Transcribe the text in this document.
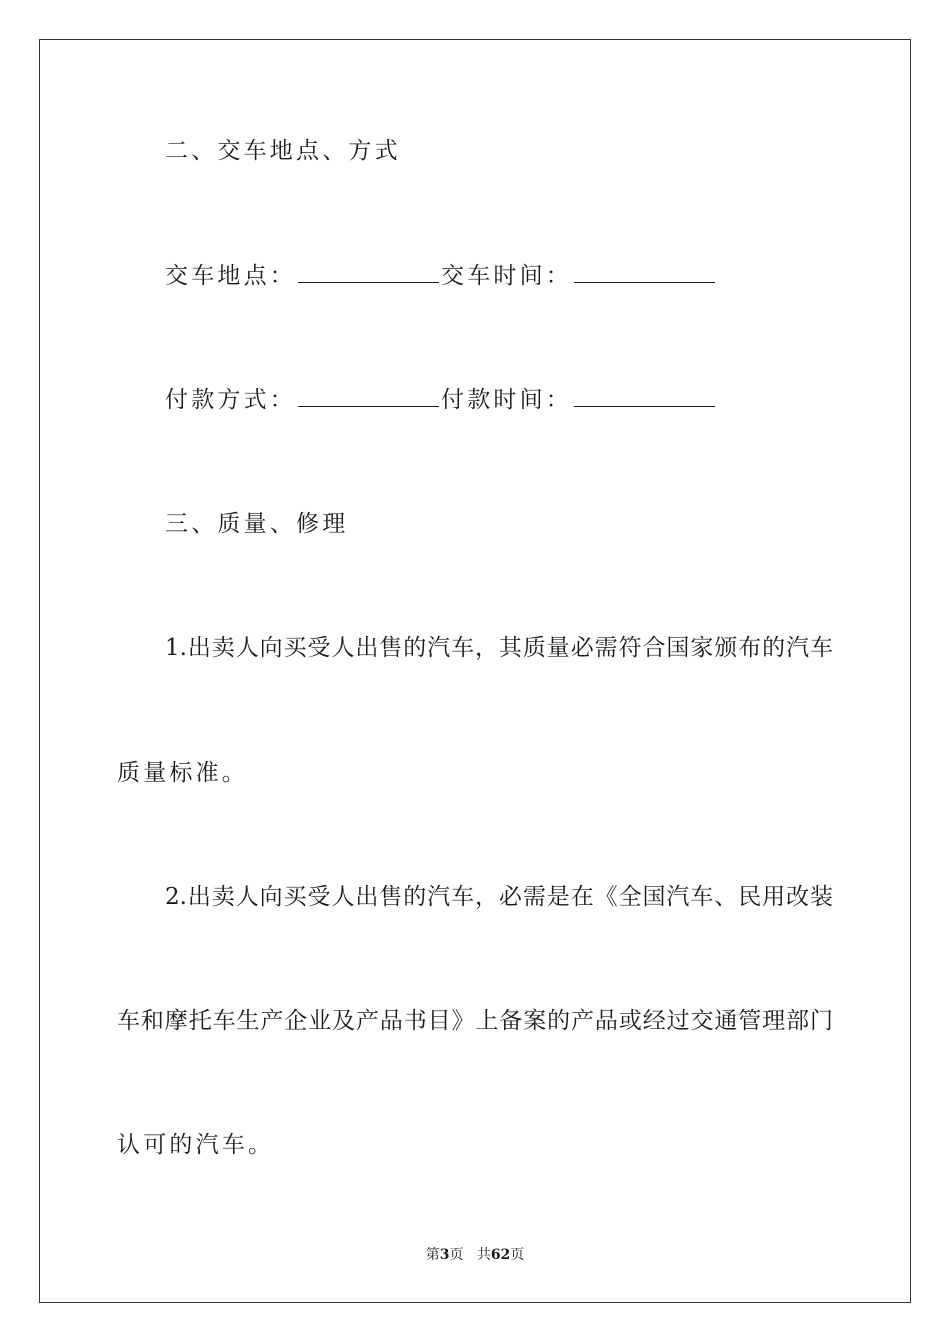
二、交车地点、方式
交车地点：	交车时间：
付款方式：	付款时间：
三、质量、修理
1.出卖人向买受人出售的汽车，其质量必需符合国家颁布的汽车
质量标准。
2.出卖人向买受人出售的汽车，必需是在《全国汽车、民用改装
车和摩托车生产企业及产品书目》上备案的产品或经过交通管理部门
认可的汽车。
第3页 共62页
